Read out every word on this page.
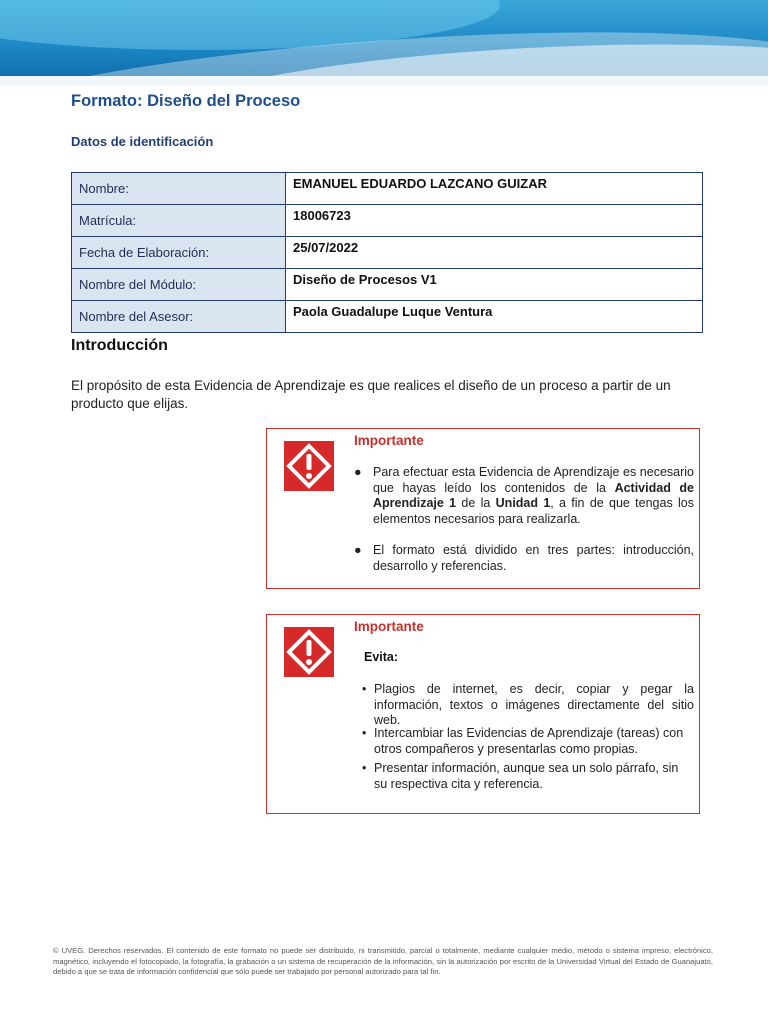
Formato: Diseño del Proceso
Datos de identificación
Nombre:	EMANUEL EDUARDO LAZCANO GUIZAR
Matrícula:	18006723
Fecha de Elaboración:	25/07/2022
Nombre del Módulo:	Diseño de Procesos V1
Nombre del Asesor:	Paola Guadalupe Luque Ventura
Introducción

El propósito de esta Evidencia de Aprendizaje es que realices el diseño de un proceso a partir de un producto que elijas.

Importante
● Para efectuar esta Evidencia de Aprendizaje es necesario que hayas leído los contenidos de la Actividad de Aprendizaje 1 de la Unidad 1, a fin de que tengas los elementos necesarios para realizarla.
● El formato está dividido en tres partes: introducción, desarrollo y referencias.
Importante

Evita:

• Plagios de internet, es decir, copiar y pegar la información, textos o imágenes directamente del sitio web.
• Intercambiar las Evidencias de Aprendizaje (tareas) con otros compañeros y presentarlas como propias.
• Presentar información, aunque sea un solo párrafo, sin su respectiva cita y referencia.

© UVEG. Derechos reservados. El contenido de este formato no puede ser distribuido, ni transmitido, parcial o totalmente, mediante cualquier medio, método o sistema impreso, electrónico, magnético, incluyendo el fotocopiado, la fotografía, la grabación o un sistema de recuperación de la información, sin la autorización por escrito de la Universidad Virtual del Estado de Guanajuato, debido a que se trata de información confidencial que sólo puede ser trabajado por personal autorizado para tal fin.
